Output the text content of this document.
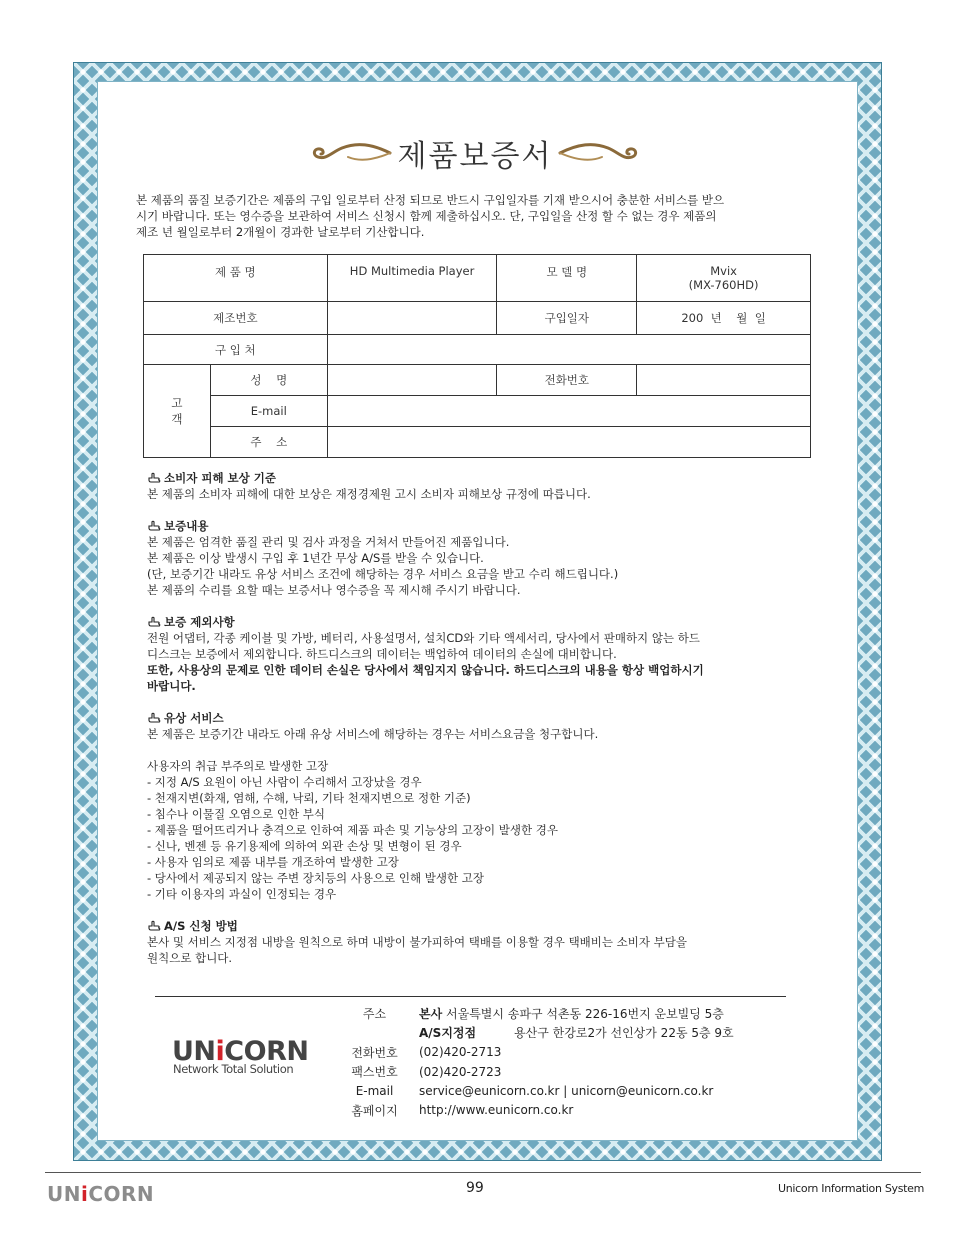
제품보증서
본 제품의 품질 보증기간은 제품의 구입 일로부터 산정 되므로 반드시 구입일자를 기재 받으시어 충분한 서비스를 받으
시기 바랍니다. 또는 영수증을 보관하여 서비스 신청시 함께 제출하십시오. 단, 구입일을 산정 할 수 없는 경우 제품의
제조 년 월일로부터 2개월이 경과한 날로부터 기산합니다.
제 품 명		HD Multimedia Player	모 델 명	Mvix
(MX-760HD)

제조번호			구입일자	200  년    월  일
구 입 처				

고
객	성    명		전화번호	
	E-mail			
	주    소			
소비자 피해 보상 기준
본 제품의 소비자 피해에 대한 보상은 재정경제원 고시 소비자 피해보상 규정에 따릅니다.
보증내용
본 제품은 엄격한 품질 관리 및 검사 과정을 거쳐서 만들어진 제품입니다.
본 제품은 이상 발생시 구입 후 1년간 무상 A/S를 받을 수 있습니다.
(단, 보증기간 내라도 유상 서비스 조건에 해당하는 경우 서비스 요금을 받고 수리 해드립니다.)
본 제품의 수리를 요할 때는 보증서나 영수증을 꼭 제시해 주시기 바랍니다.
보증 제외사항
전원 어댑터, 각종 케이블 및 가방, 베터리, 사용설명서, 설치CD와 기타 액세서리, 당사에서 판매하지 않는 하드
디스크는 보증에서 제외합니다. 하드디스크의 데이터는 백업하여 데이터의 손실에 대비합니다.
또한, 사용상의 문제로 인한 데이터 손실은 당사에서 책임지지 않습니다. 하드디스크의 내용을 항상 백업하시기
바랍니다.
유상 서비스
본 제품은 보증기간 내라도 아래 유상 서비스에 해당하는 경우는 서비스요금을 청구합니다.
사용자의 취급 부주의로 발생한 고장
- 지정 A/S 요원이 아닌 사람이 수리해서 고장났을 경우
- 천재지변(화재, 염해, 수해, 낙뢰, 기타 천재지변으로 정한 기준)
- 침수나 이물질 오염으로 인한 부식
- 제품을 떨어뜨리거나 충격으로 인하여 제품 파손 및 기능상의 고장이 발생한 경우
- 신나, 벤젠 등 유기용제에 의하여 외관 손상 및 변형이 된 경우
- 사용자 임의로 제품 내부를 개조하여 발생한 고장
- 당사에서 제공되지 않는 주변 장치등의 사용으로 인해 발생한 고장
- 기타 이용자의 과실이 인정되는 경우
A/S 신청 방법
본사 및 서비스 지정점 내방을 원칙으로 하며 내방이 불가피하여 택배를 이용할 경우 택배비는 소비자 부담을
원칙으로 합니다.
UNiCORN
Network Total Solution
주소	본사 서울특별시 송파구 석촌동 226-16번지 운보빌딩 5층
A/S지정점	용산구 한강로2가 선인상가 22동 5층 9호
전화번호	(02)420-2713
팩스번호	(02)420-2723
E-mail	service@eunicorn.co.kr | unicorn@eunicorn.co.kr
홈페이지	http://www.eunicorn.co.kr
UNiCORN	99	Unicorn Information System
